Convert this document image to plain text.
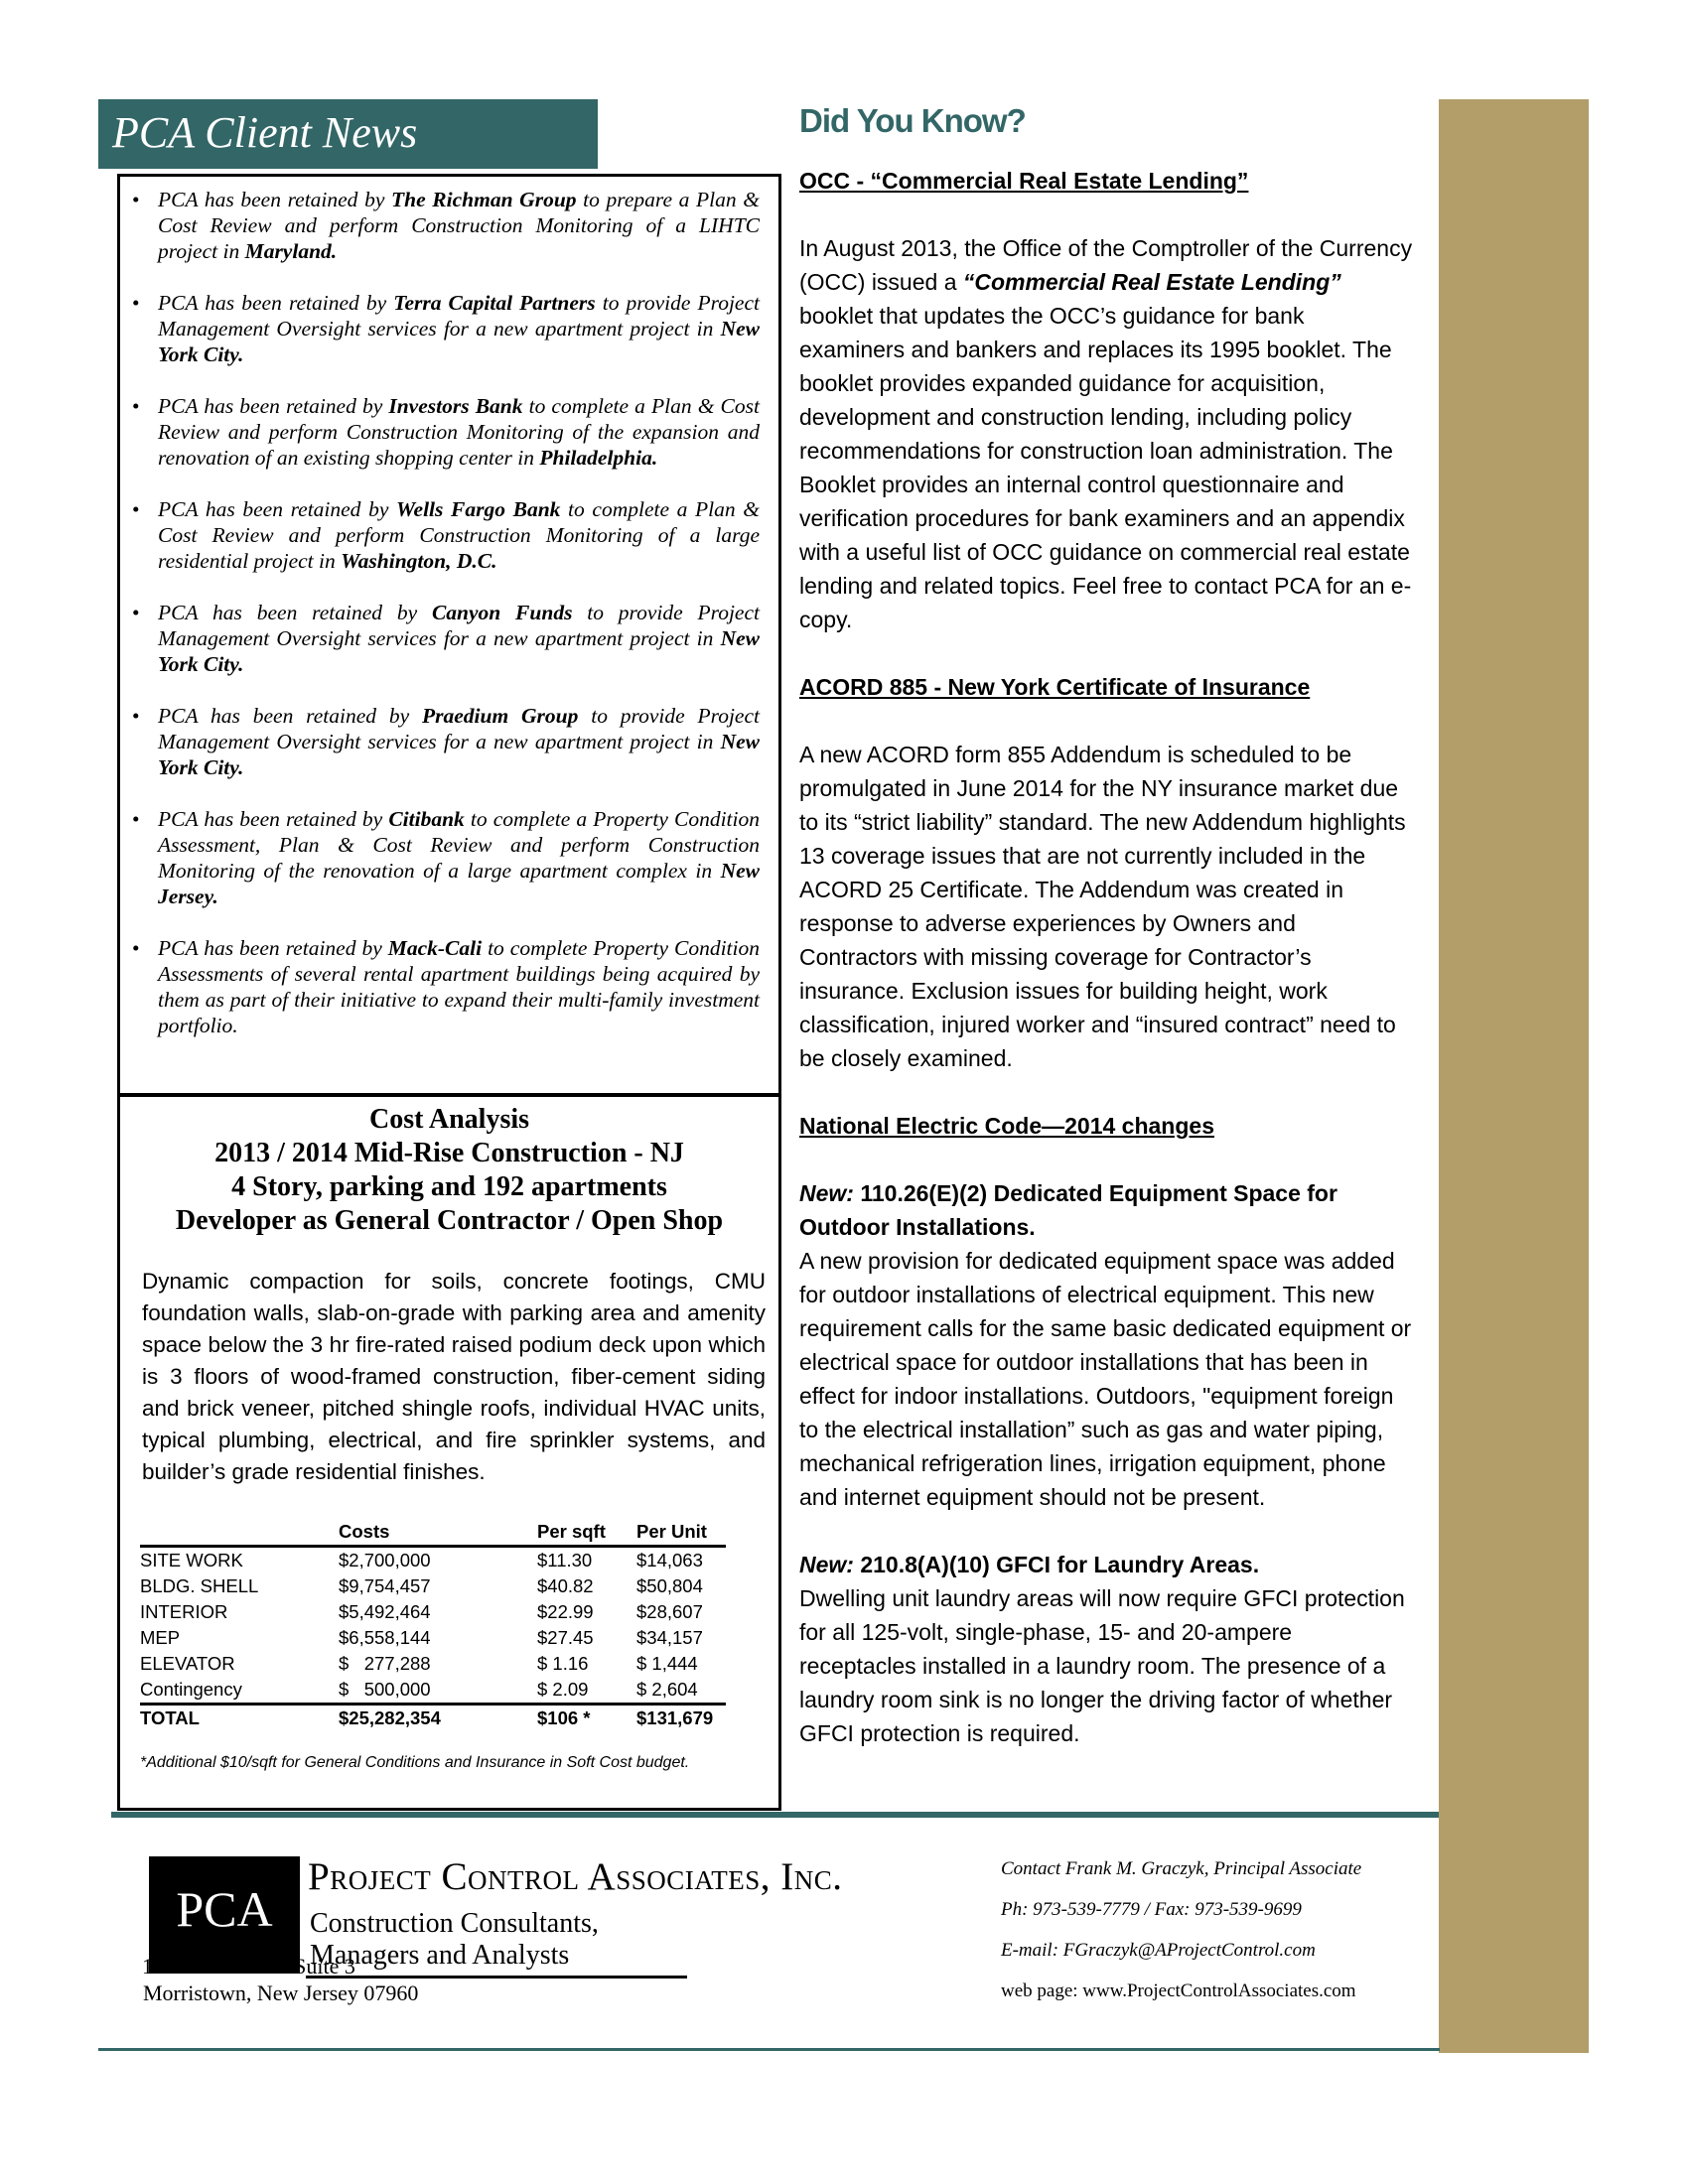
PCA Client News
• PCA has been retained by The Richman Group to prepare a Plan & Cost Review and perform Construction Monitoring of a LIHTC project in Maryland.
• PCA has been retained by Terra Capital Partners to provide Project Management Oversight services for a new apartment project in New York City.
• PCA has been retained by Investors Bank to complete a Plan & Cost Review and perform Construction Monitoring of the expansion and renovation of an existing shopping center in Philadelphia.
• PCA has been retained by Wells Fargo Bank to complete a Plan & Cost Review and perform Construction Monitoring of a large residential project in Washington, D.C.
• PCA has been retained by Canyon Funds to provide Project Management Oversight services for a new apartment project in New York City.
• PCA has been retained by Praedium Group to provide Project Management Oversight services for a new apartment project in New York City.
• PCA has been retained by Citibank to complete a Property Condition Assessment, Plan & Cost Review and perform Construction Monitoring of the renovation of a large apartment complex in New Jersey.
• PCA has been retained by Mack-Cali to complete Property Condition Assessments of several rental apartment buildings being acquired by them as part of their initiative to expand their multi-family investment portfolio.
Cost Analysis
2013 / 2014 Mid-Rise Construction - NJ
4 Story, parking and 192 apartments
Developer as General Contractor / Open Shop
Dynamic compaction for soils, concrete footings, CMU foundation walls, slab-on-grade with parking area and amenity space below the 3 hr fire-rated raised podium deck upon which is 3 floors of wood-framed construction, fiber-cement siding and brick veneer, pitched shingle roofs, individual HVAC units, typical plumbing, electrical, and fire sprinkler systems, and builder’s grade residential finishes.
	Costs	Per sqft	Per Unit
SITE WORK	$2,700,000	$11.30	$14,063
BLDG. SHELL	$9,754,457	$40.82	$50,804
INTERIOR	$5,492,464	$22.99	$28,607
MEP	$6,558,144	$27.45	$34,157
ELEVATOR	$   277,288	$ 1.16	$ 1,444
Contingency	$   500,000	$ 2.09	$ 2,604
TOTAL	$25,282,354	$106 *	$131,679
*Additional $10/sqft for General Conditions and Insurance in Soft Cost budget.
Did You Know?
OCC - “Commercial Real Estate Lending”
In August 2013, the Office of the Comptroller of the Currency (OCC) issued a “Commercial Real Estate Lending” booklet that updates the OCC’s guidance for bank examiners and bankers and replaces its 1995 booklet. The booklet provides expanded guidance for acquisition, development and construction lending, including policy recommendations for construction loan administration. The Booklet provides an internal control questionnaire and verification procedures for bank examiners and an appendix with a useful list of OCC guidance on commercial real estate lending and related topics. Feel free to contact PCA for an e-copy.
ACORD 885 - New York Certificate of Insurance
A new ACORD form 855 Addendum is scheduled to be promulgated in June 2014 for the NY insurance market due to its “strict liability” standard. The new Addendum highlights 13 coverage issues that are not currently included in the ACORD 25 Certificate. The Addendum was created in response to adverse experiences by Owners and Contractors with missing coverage for Contractor’s insurance. Exclusion issues for building height, work classification, injured worker and “insured contract” need to be closely examined.
National Electric Code—2014 changes
New: 110.26(E)(2) Dedicated Equipment Space for Outdoor Installations.
A new provision for dedicated equipment space was added for outdoor installations of electrical equipment. This new requirement calls for the same basic dedicated equipment or electrical space for outdoor installations that has been in effect for indoor installations. Outdoors, "equipment foreign to the electrical installation” such as gas and water piping, mechanical refrigeration lines, irrigation equipment, phone and internet equipment should not be present.
New: 210.8(A)(10) GFCI for Laundry Areas.
Dwelling unit laundry areas will now require GFCI protection for all 125-volt, single-phase, 15- and 20-ampere receptacles installed in a laundry room. The presence of a laundry room sink is no longer the driving factor of whether GFCI protection is required.
PCA
Project Control Associates, Inc.
Construction Consultants, Managers and Analysts
11 South Street - Suite 3
Morristown, New Jersey 07960
Contact Frank M. Graczyk, Principal Associate
Ph: 973-539-7779 / Fax: 973-539-9699
E-mail: FGraczyk@AProjectControl.com
web page: www.ProjectControlAssociates.com
